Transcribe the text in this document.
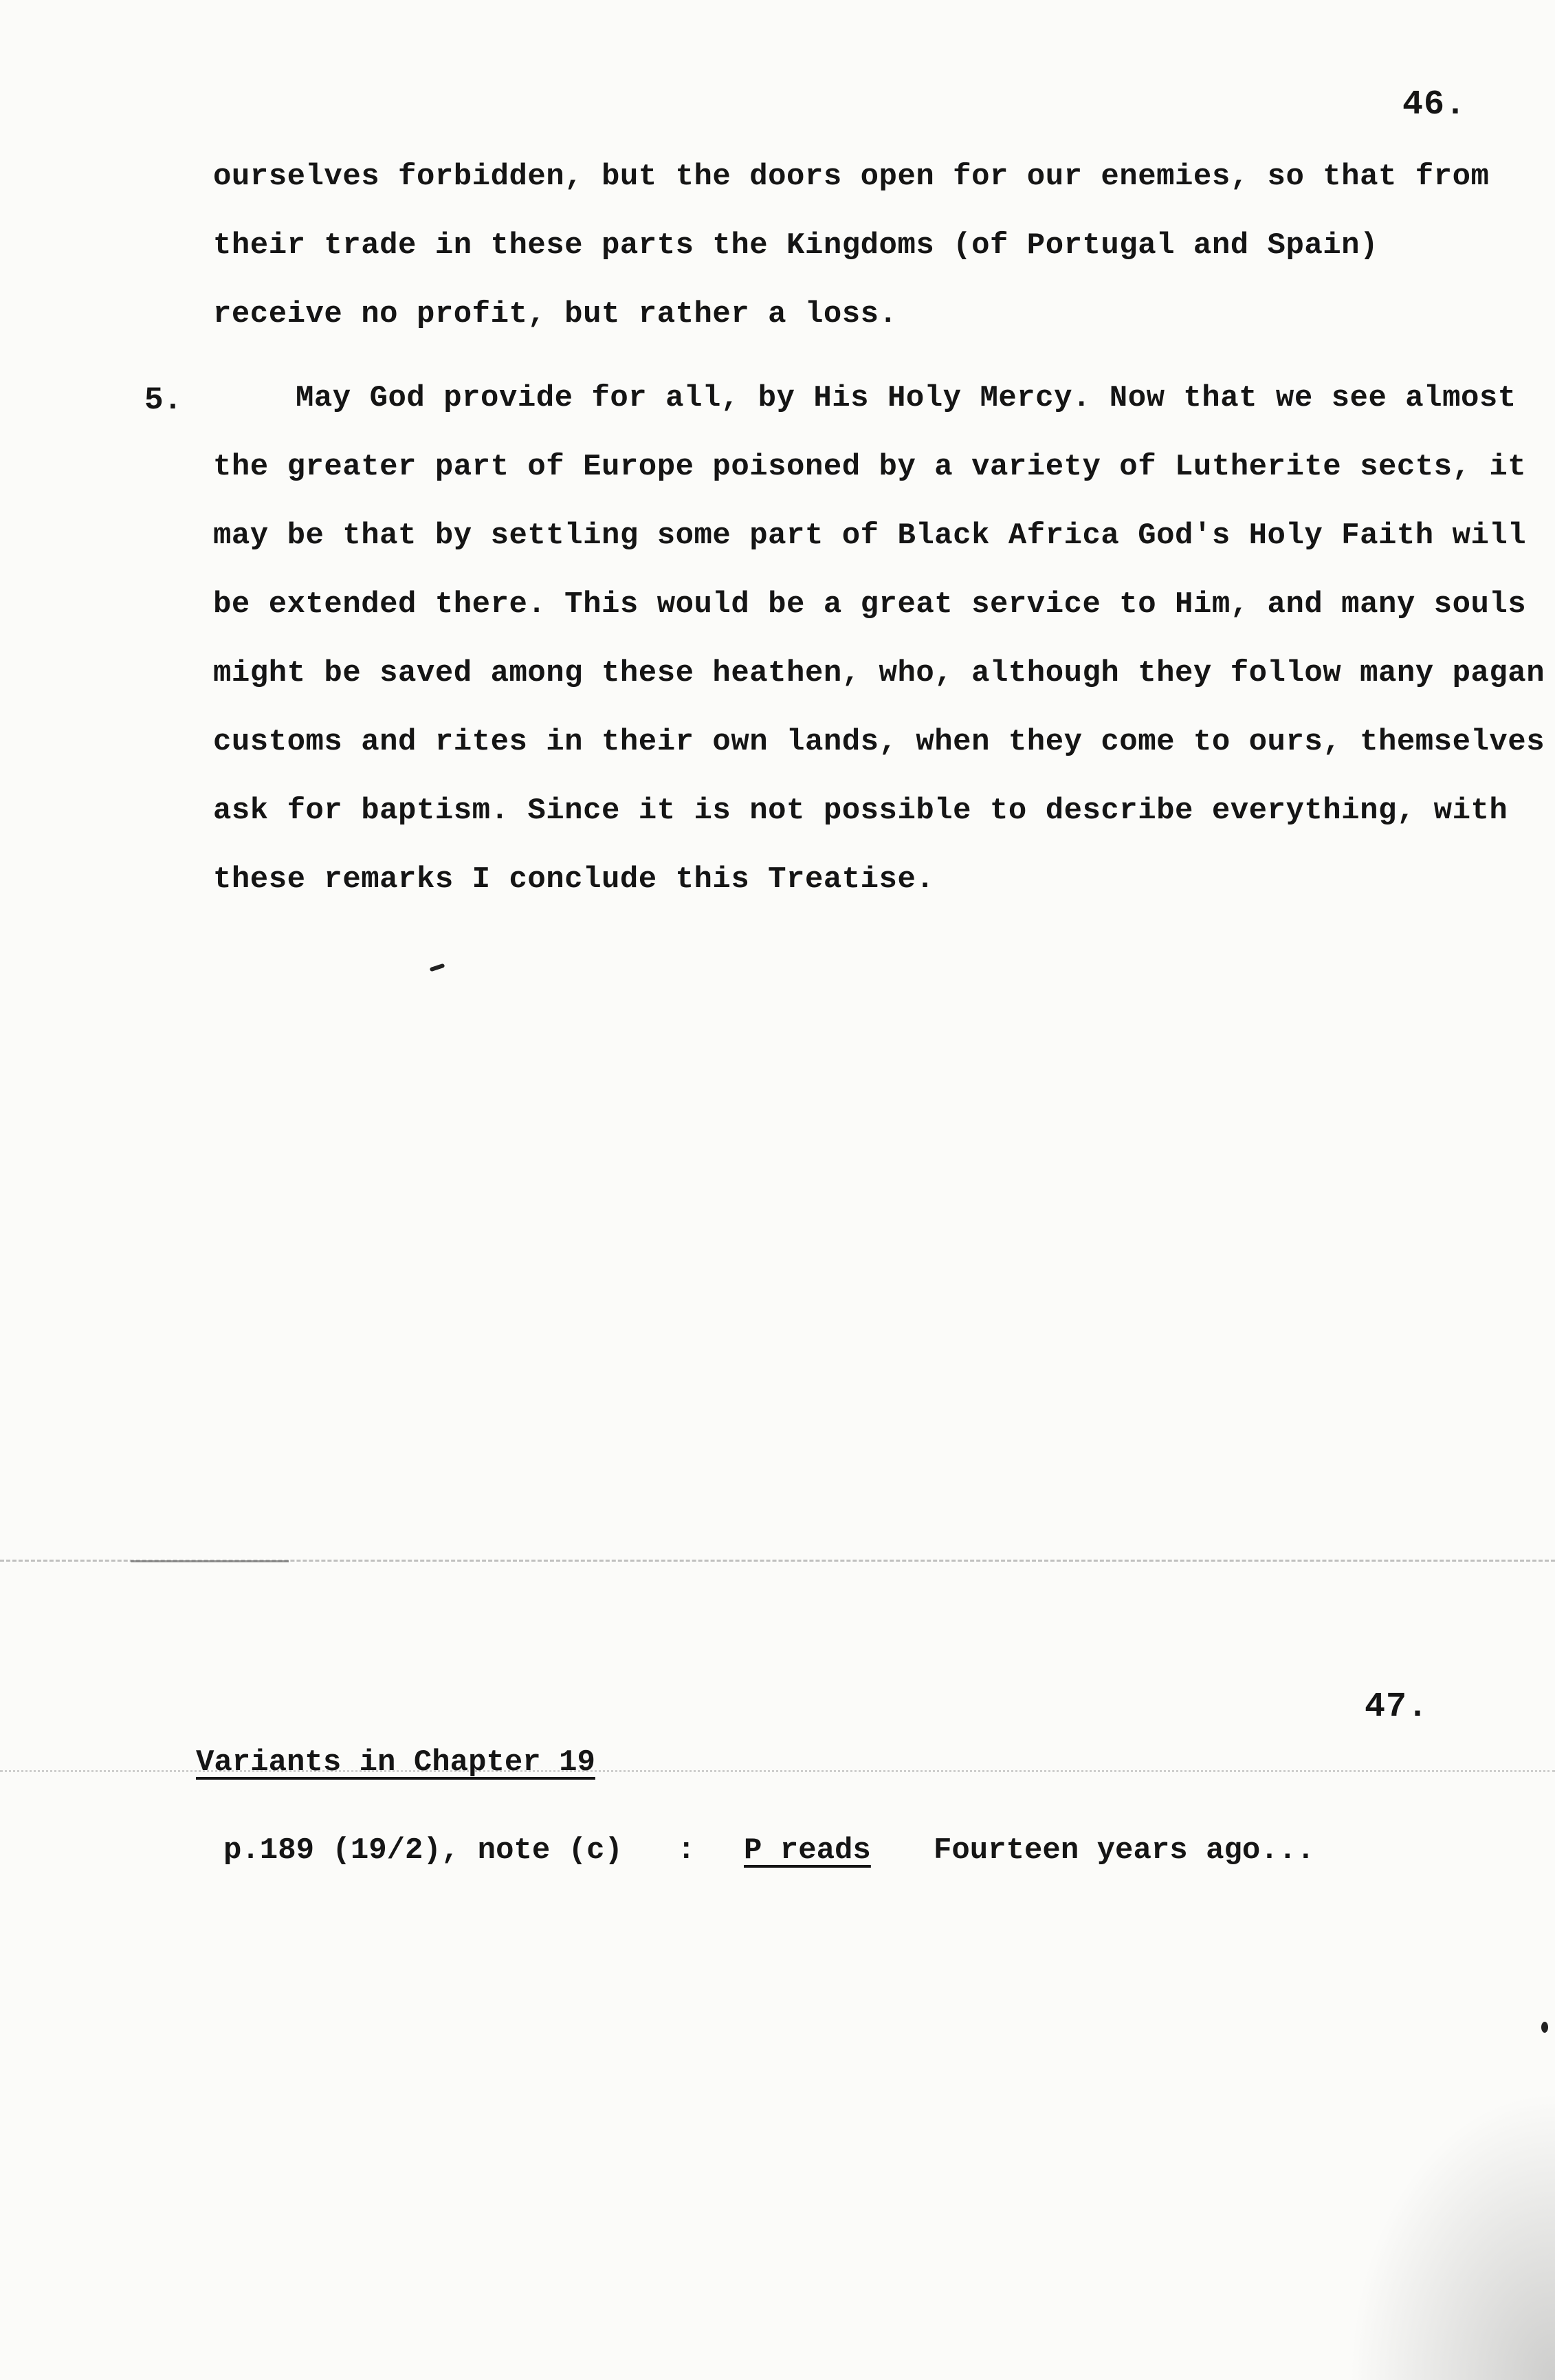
46.
ourselves forbidden, but the doors open for our enemies, so that from
their trade in these parts the Kingdoms (of Portugal and Spain)
receive no profit, but rather a loss.
5.	May God provide for all, by His Holy Mercy. Now that we see almost
the greater part of Europe poisoned by a variety of Lutherite sects, it
may be that by settling some part of Black Africa God's Holy Faith will
be extended there. This would be a great service to Him, and many souls
might be saved among these heathen, who, although they follow many pagan
customs and rites in their own lands, when they come to ours, themselves
ask for baptism. Since it is not possible to describe everything, with
these remarks I conclude this Treatise.
47.
Variants in Chapter 19
p.189 (19/2), note (c) : P reads Fourteen years ago...
